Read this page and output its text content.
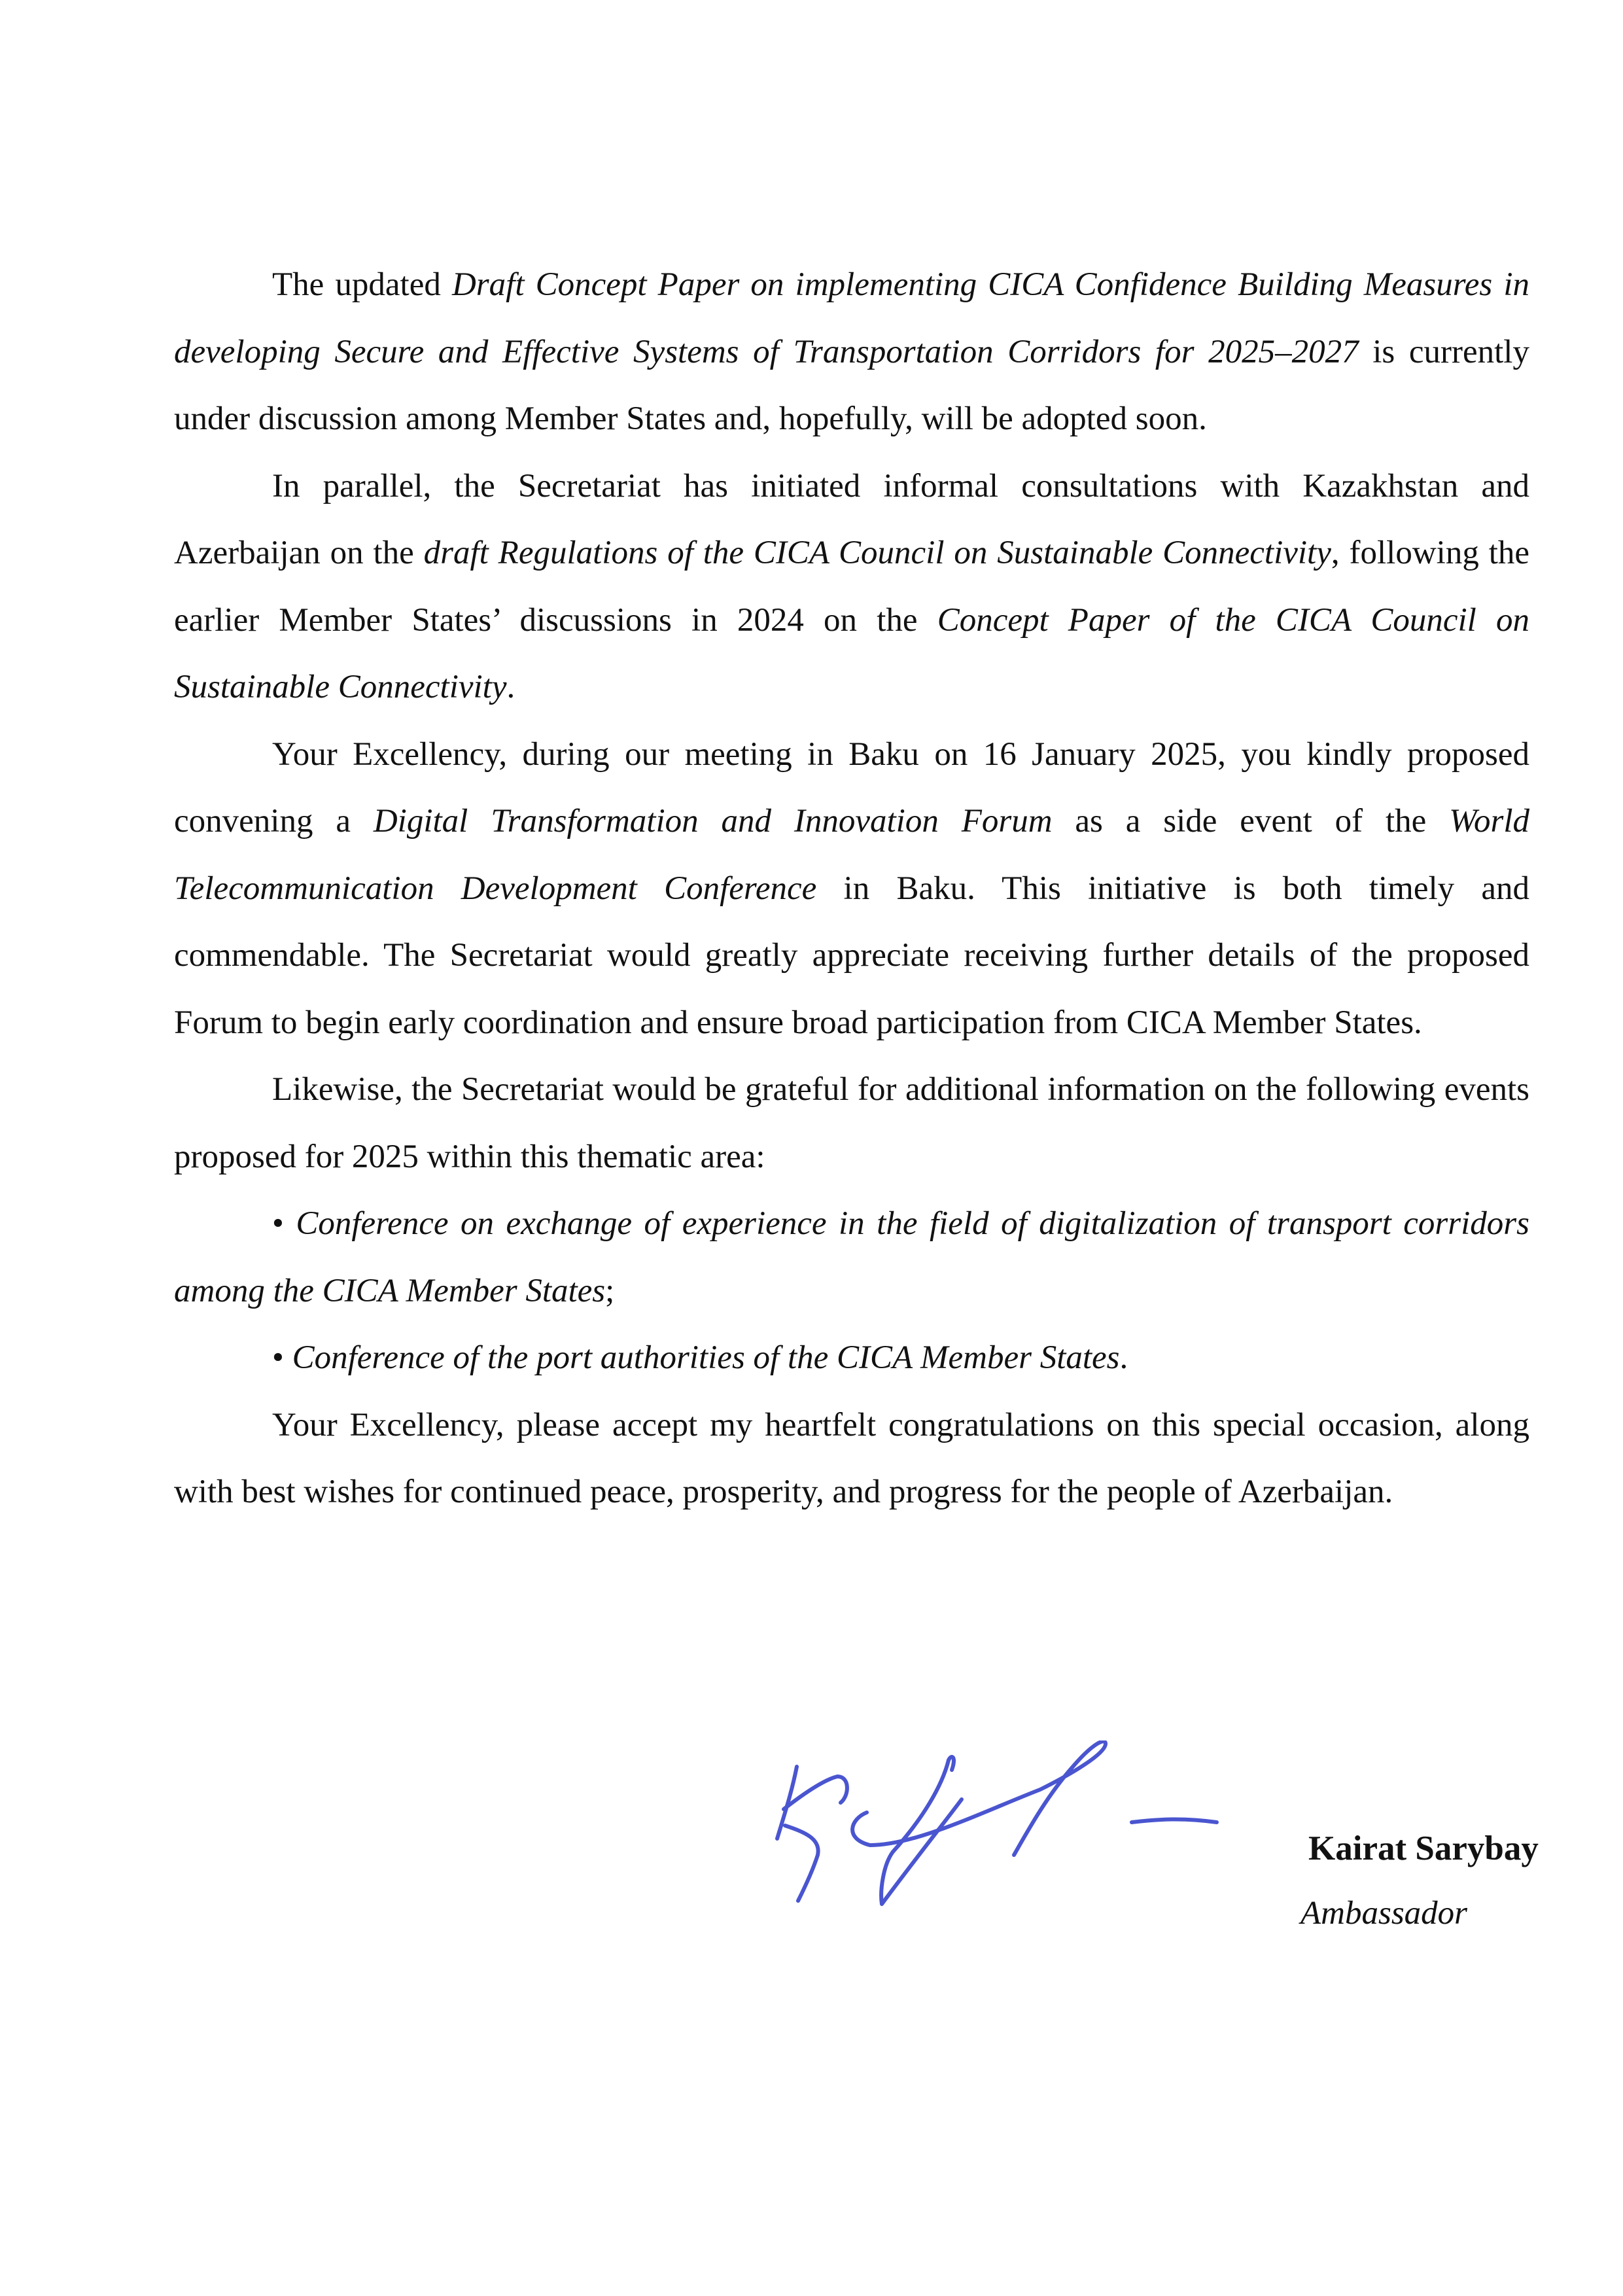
The updated Draft Concept Paper on implementing CICA Confidence Building Measures in developing Secure and Effective Systems of Transportation Corridors for 2025–2027 is currently under discussion among Member States and, hopefully, will be adopted soon.

In parallel, the Secretariat has initiated informal consultations with Kazakhstan and Azerbaijan on the draft Regulations of the CICA Council on Sustainable Connectivity, following the earlier Member States’ discussions in 2024 on the Concept Paper of the CICA Council on Sustainable Connectivity.

Your Excellency, during our meeting in Baku on 16 January 2025, you kindly proposed convening a Digital Transformation and Innovation Forum as a side event of the World Telecommunication Development Conference in Baku. This initiative is both timely and commendable. The Secretariat would greatly appreciate receiving further details of the proposed Forum to begin early coordination and ensure broad participation from CICA Member States.

Likewise, the Secretariat would be grateful for additional information on the following events proposed for 2025 within this thematic area:

• Conference on exchange of experience in the field of digitalization of transport corridors among the CICA Member States;

• Conference of the port authorities of the CICA Member States.

Your Excellency, please accept my heartfelt congratulations on this special occasion, along with best wishes for continued peace, prosperity, and progress for the people of Azerbaijan.

Kairat Sarybay
Ambassador
